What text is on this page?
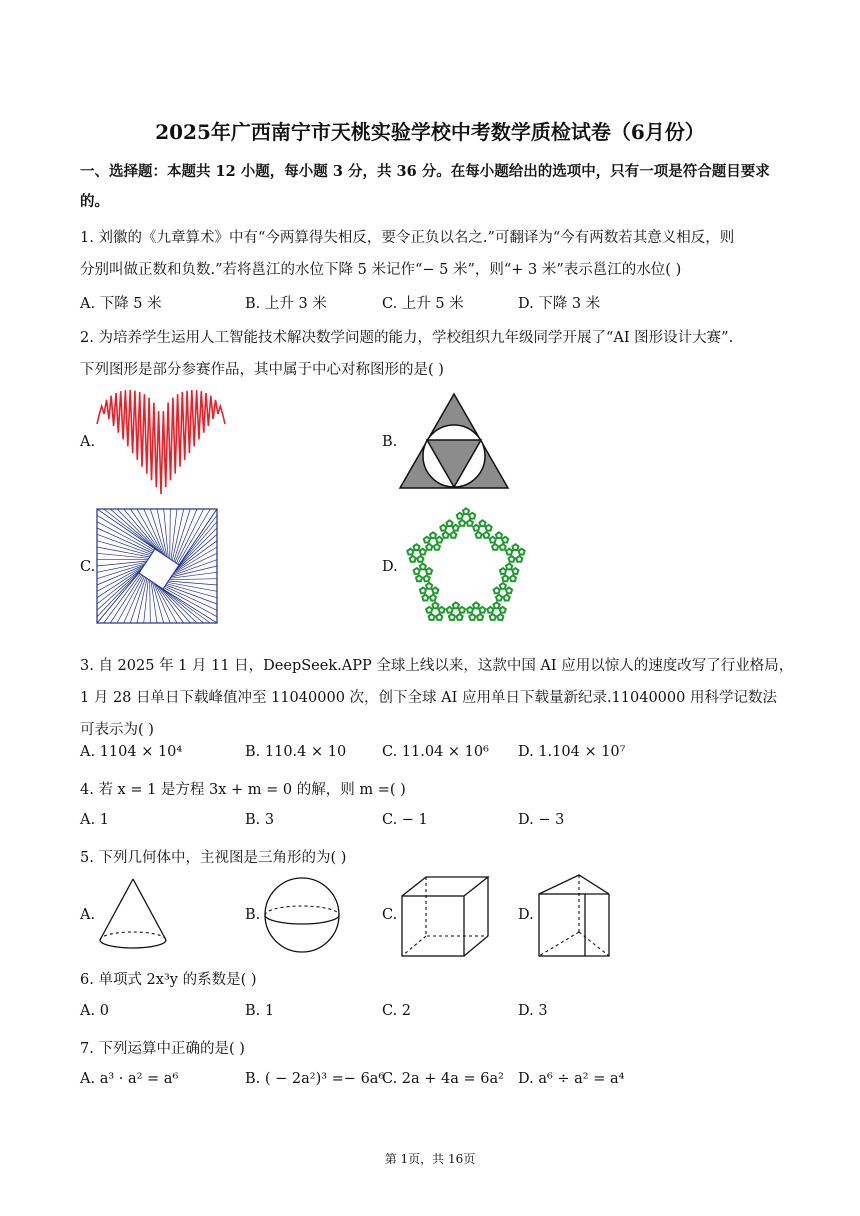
2025年广西南宁市天桃实验学校中考数学质检试卷（6月份）
一、选择题：本题共 12 小题，每小题 3 分，共 36 分。在每小题给出的选项中，只有一项是符合题目要求
的。
1. 刘徽的《九章算术》中有“今两算得失相反，要令正负以名之.”可翻译为“今有两数若其意义相反，则
分别叫做正数和负数.”若将邕江的水位下降 5 米记作“− 5 米”，则“+ 3 米”表示邕江的水位( )
A. 下降 5 米	B. 上升 3 米	C. 上升 5 米	D. 下降 3 米
2. 为培养学生运用人工智能技术解决数学问题的能力，学校组织九年级同学开展了“AI 图形设计大赛”.
下列图形是部分参赛作品，其中属于中心对称图形的是( )
A.	B.
C.	D.
3. 自 2025 年 1 月 11 日，DeepSeek.APP 全球上线以来，这款中国 AI 应用以惊人的速度改写了行业格局，
1 月 28 日单日下载峰值冲至 11040000 次，创下全球 AI 应用单日下载量新纪录.11040000 用科学记数法
可表示为( )
A. 1104 × 10⁴	B. 110.4 × 10 C. 11.04 × 10⁶ D. 1.104 × 10⁷
4. 若 x = 1 是方程 3x + m = 0 的解，则 m =( )
A. 1	B. 3	C. − 1	D. − 3
5. 下列几何体中，主视图是三角形的为( )
A.	B.	C.	D.
6. 单项式 2x³y 的系数是( )
A. 0	B. 1	C. 2	D. 3
7. 下列运算中正确的是( )
A. a³ · a² = a⁶	B. ( − 2a²)³ =− 6a⁶
C. 2a + 4a = 6a² D. a⁶ ÷ a² = a⁴
第 1页，共 16页
